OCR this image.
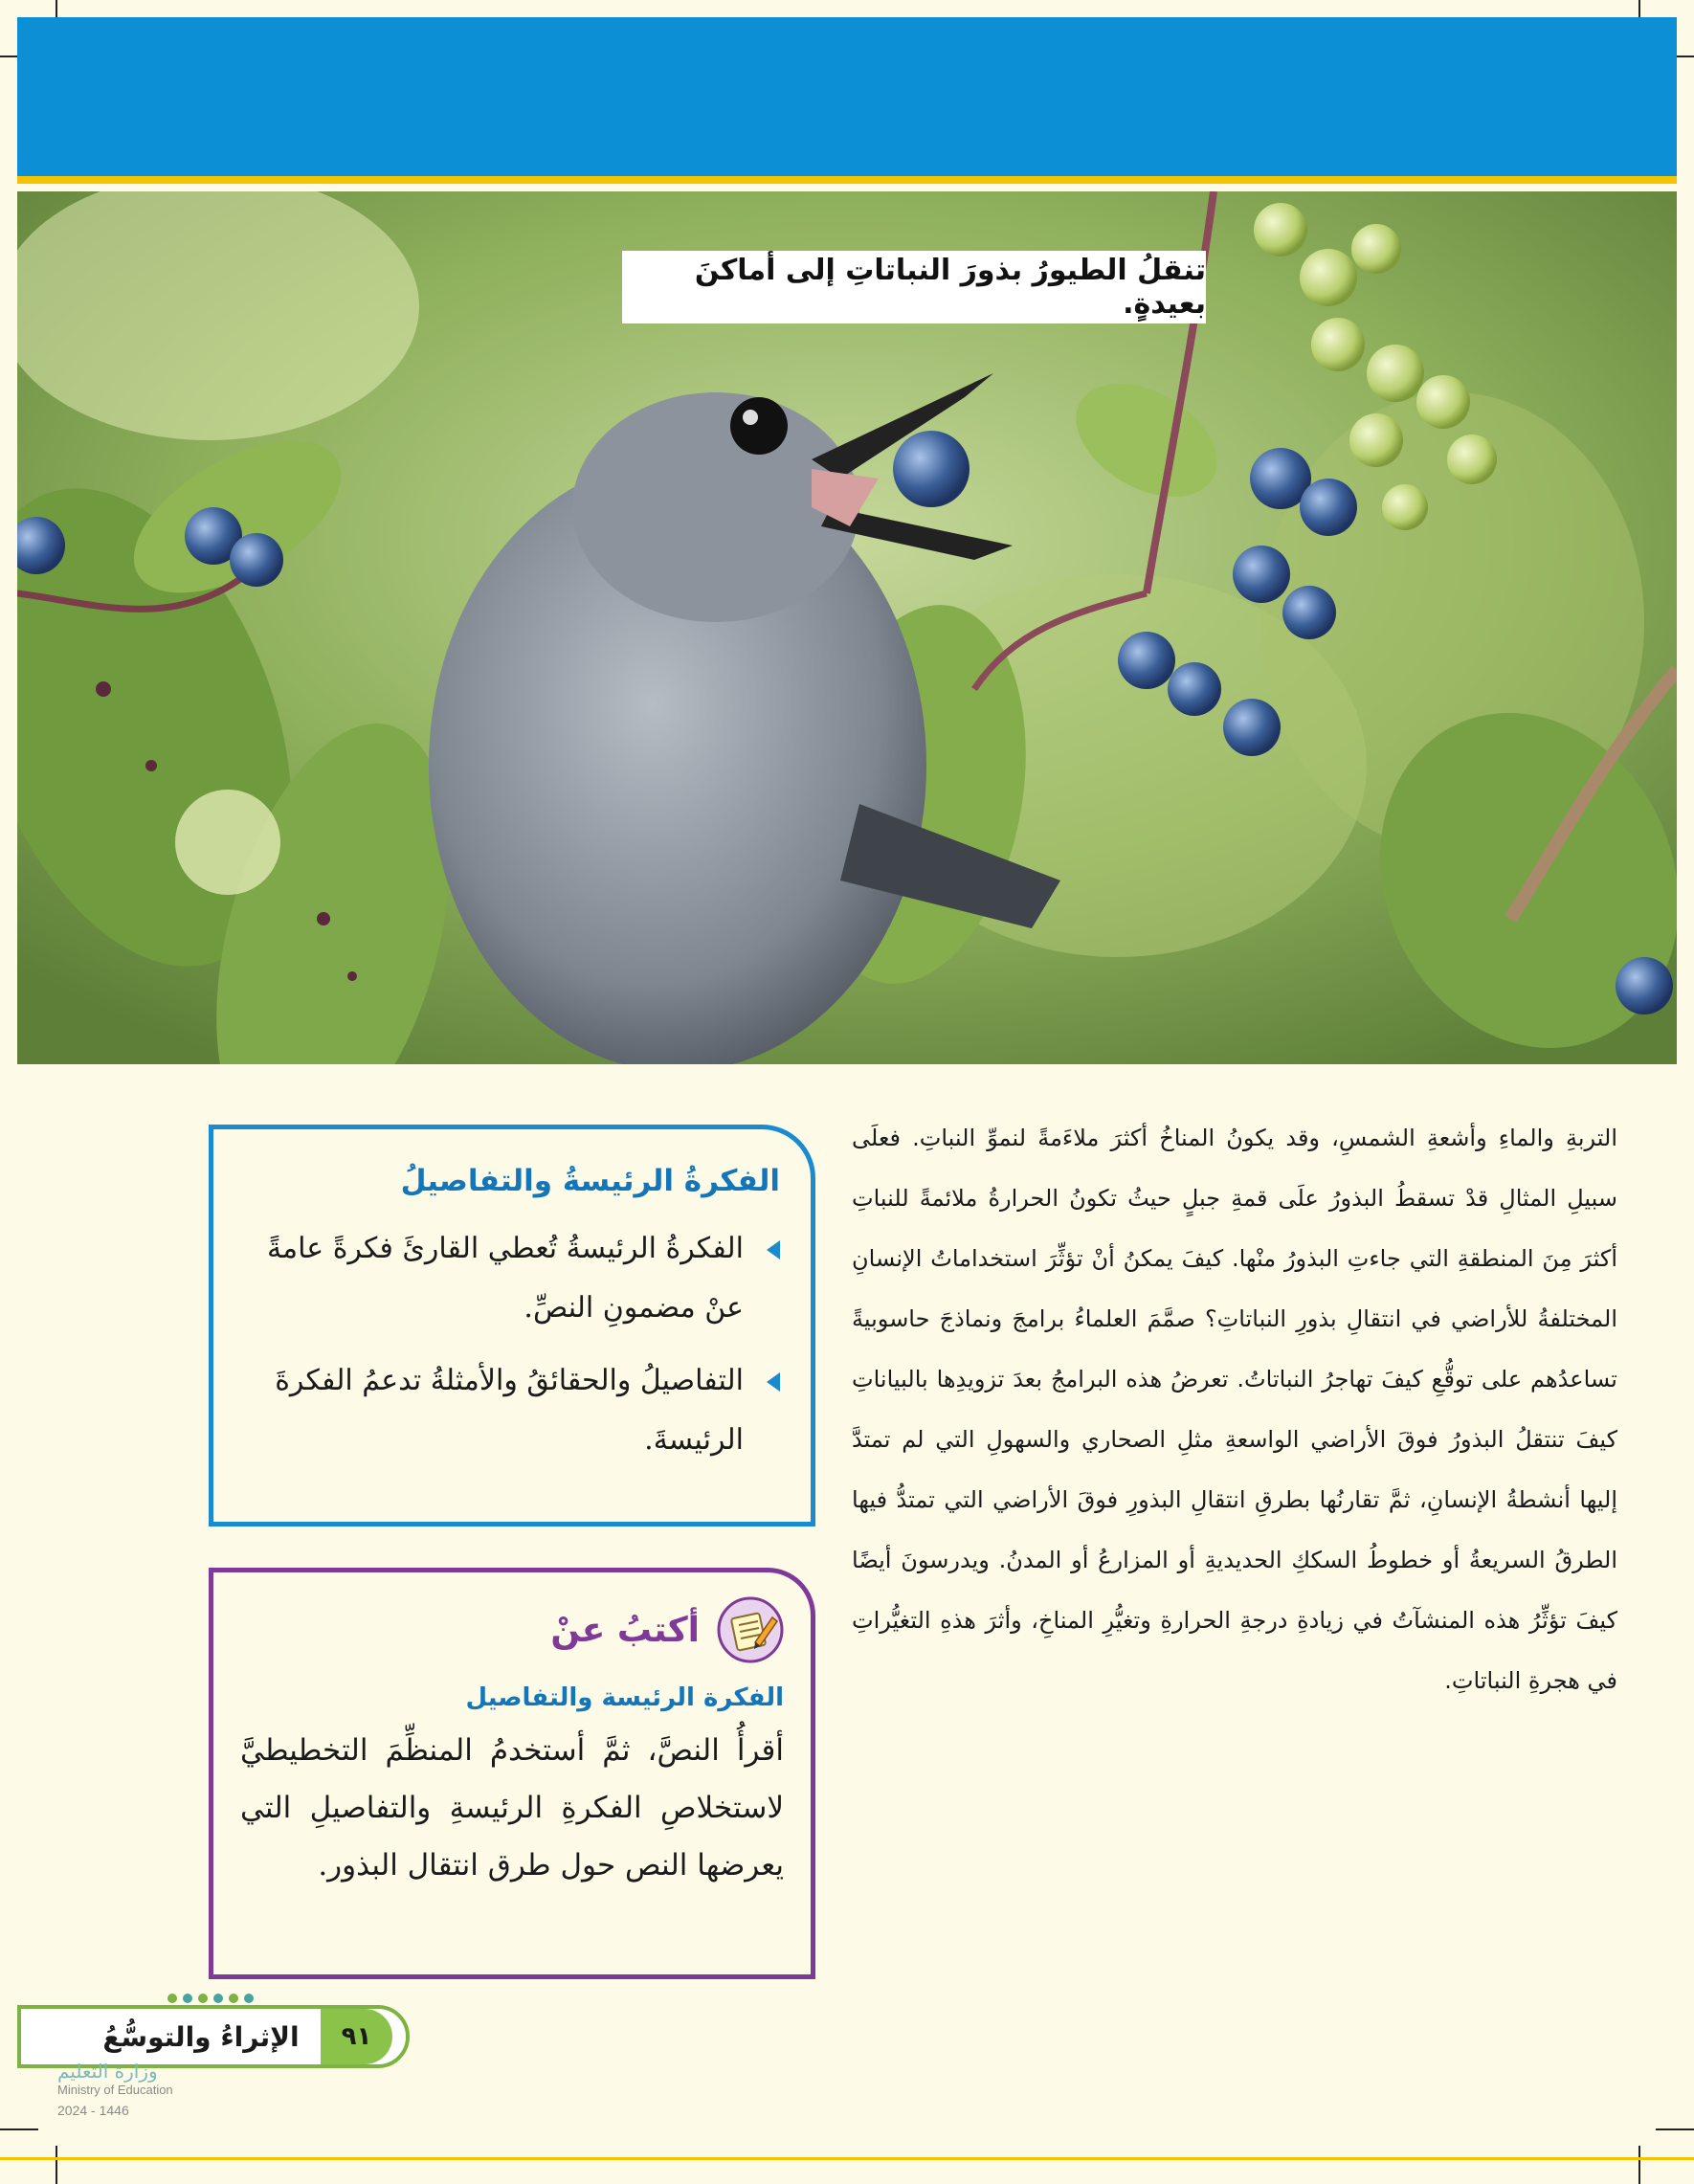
تنقلُ الطيورُ بذورَ النباتاتِ إلى أماكنَ بعيدةٍ.

التربةِ والماءِ وأشعةِ الشمسِ، وقد يكونُ المناخُ أكثرَ ملاءَمةً لنموِّ النباتِ. فعلَى سبيلِ المثالِ قدْ تسقطُ البذورُ علَى قمةِ جبلٍ حيثُ تكونُ الحرارةُ ملائمةً للنباتِ أكثرَ مِنَ المنطقةِ التي جاءتِ البذورُ منْها. كيفَ يمكنُ أنْ تؤثِّرَ استخداماتُ الإنسانِ المختلفةُ للأراضي في انتقالِ بذورِ النباتاتِ؟ صمَّمَ العلماءُ برامجَ ونماذجَ حاسوبيةً تساعدُهم على توقُّعِ كيفَ تهاجرُ النباتاتُ. تعرضُ هذه البرامجُ بعدَ تزويدِها بالبياناتِ كيفَ تنتقلُ البذورُ فوقَ الأراضي الواسعةِ مثلِ الصحاري والسهولِ التي لم تمتدَّ إليها أنشطةُ الإنسانِ، ثمَّ تقارنُها بطرقِ انتقالِ البذورِ فوقَ الأراضي التي تمتدُّ فيها الطرقُ السريعةُ أو خطوطُ السككِ الحديديةِ أو المزارعُ أو المدنُ. ويدرسونَ أيضًا كيفَ تؤثِّرُ هذه المنشآتُ في زيادةِ درجةِ الحرارةِ وتغيُّرِ المناخِ، وأثرَ هذهِ التغيُّراتِ في هجرةِ النباتاتِ.

الفكرةُ الرئيسةُ والتفاصيلُ
الفكرةُ الرئيسةُ تُعطي القارئَ فكرةً عامةً عنْ مضمونِ النصِّ.
التفاصيلُ والحقائقُ والأمثلةُ تدعمُ الفكرةَ الرئيسةَ.
أكتبُ عنْ
الفكرة الرئيسة والتفاصيل

أقرأُ النصَّ، ثمَّ أستخدمُ المنظِّمَ التخطيطيَّ لاستخلاصِ الفكرةِ الرئيسةِ والتفاصيلِ التي يعرضها النص حول طرق انتقال البذور.

٩١
الإثراءُ والتوسُّعُ
وزارة التعليم
Ministry of Education
2024 - 1446
